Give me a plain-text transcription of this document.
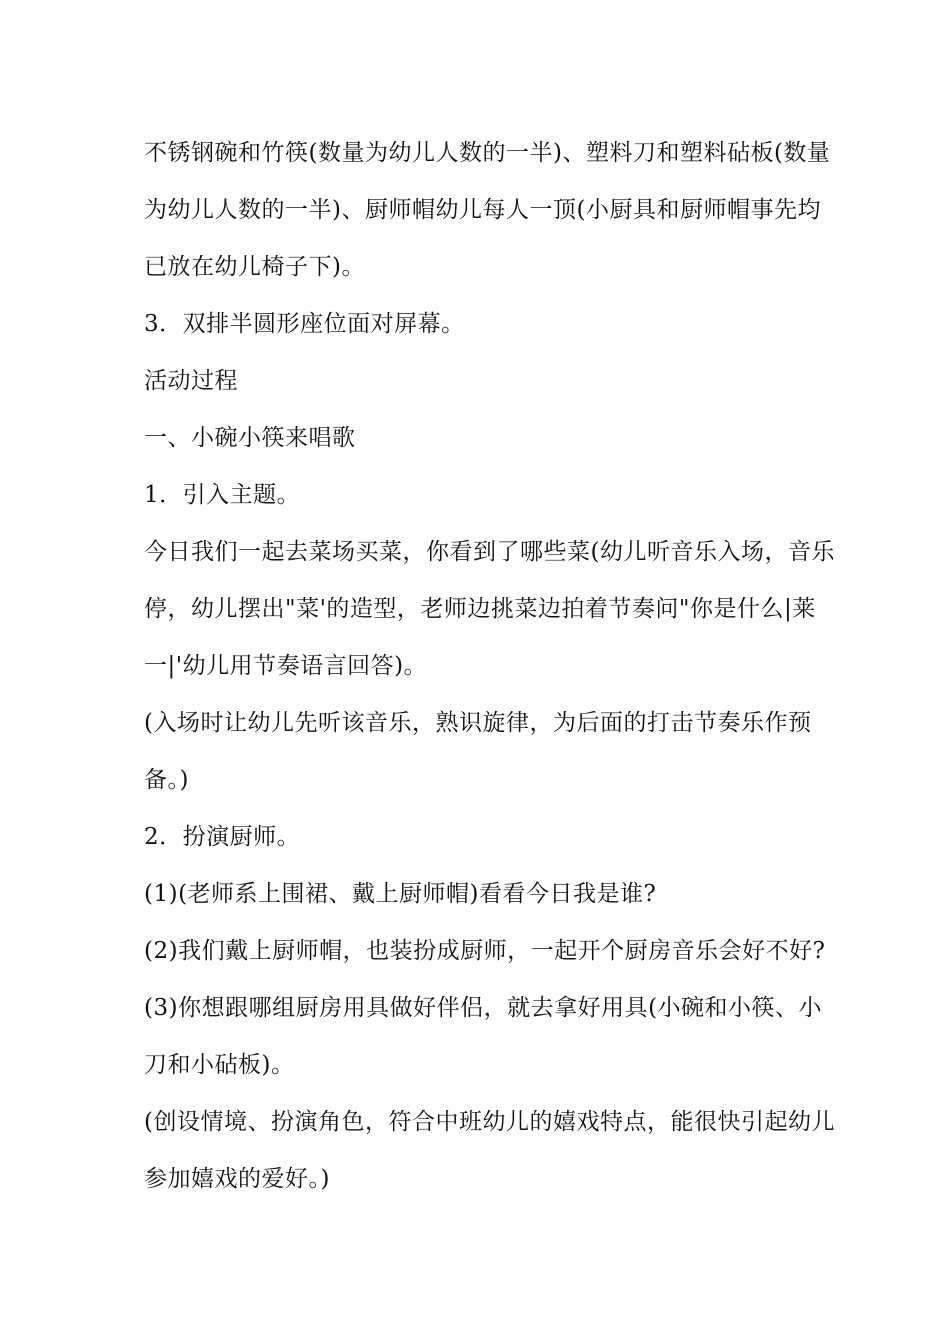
不锈钢碗和竹筷(数量为幼儿人数的一半)、塑料刀和塑料砧板(数量
为幼儿人数的一半)、厨师帽幼儿每人一顶(小厨具和厨师帽事先均
已放在幼儿椅子下)。
3．双排半圆形座位面对屏幕。
活动过程
一、小碗小筷来唱歌
1．引入主题。
今日我们一起去菜场买菜，你看到了哪些菜(幼儿听音乐入场，音乐
停，幼儿摆出"菜'的造型，老师边挑菜边拍着节奏问"你是什么|莱
一|'幼儿用节奏语言回答)。
(入场时让幼儿先听该音乐，熟识旋律，为后面的打击节奏乐作预
备。)
2．扮演厨师。
(1)(老师系上围裙、戴上厨师帽)看看今日我是谁?
(2)我们戴上厨师帽，也装扮成厨师，一起开个厨房音乐会好不好?
(3)你想跟哪组厨房用具做好伴侣，就去拿好用具(小碗和小筷、小
刀和小砧板)。
(创设情境、扮演角色，符合中班幼儿的嬉戏特点，能很快引起幼儿
参加嬉戏的爱好。)
